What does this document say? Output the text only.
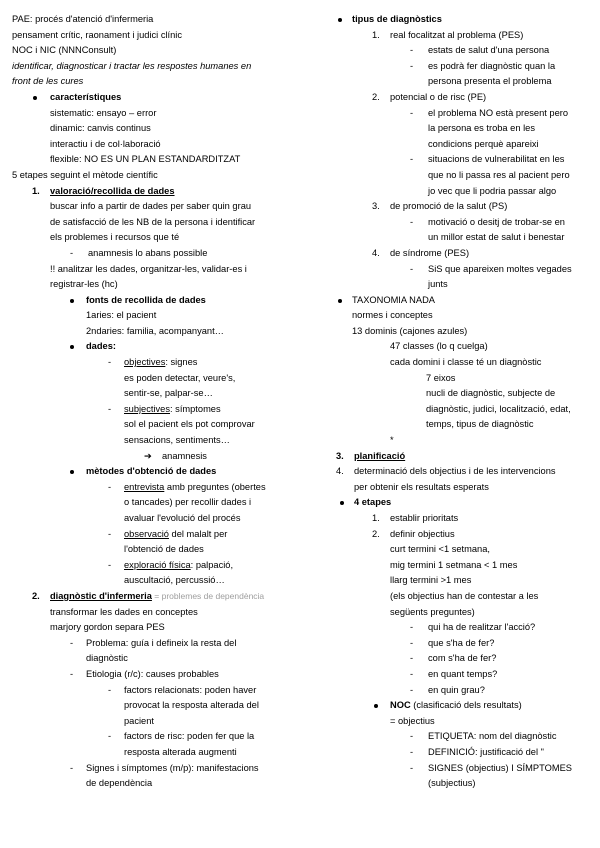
PAE: procés d'atenció d'infermeria
pensament crític, raonament i judici clínic
NOC i NIC (NNNConsult)
identificar, diagnosticar i tractar les respostes humanes en
front de les cures
característiques
sistematic: ensayo – error
dinamic: canvis continus
interactiu i de col·laboració
flexible: NO ES UN PLAN ESTANDARDITZAT
5 etapes seguint el mètode científic
1. valoració/recollida de dades
buscar info a partir de dades per saber quin grau
de satisfacció de les NB de la persona i identificar
els problemes i recursos que té
- anamnesis lo abans possible
!! analitzar les dades, organitzar-les, validar-es i
registrar-les (hc)
fonts de recollida de dades
1aries: el pacient
2ndaries: familia, acompanyant…
dades:
- objectives: signes
es poden detectar, veure's,
sentir-se, palpar-se…
- subjectives: símptomes
sol el pacient els pot comprovar
sensacions, sentiments…
➔ anamnesis
mètodes d'obtenció de dades
- entrevista amb preguntes (obertes
o tancades) per recollir dades i
avaluar l'evolució del procés
- observació del malalt per
l'obtenció de dades
- exploració física: palpació,
auscultació, percussió…
2. diagnòstic d'infermeria = problemes de dependència
transformar les dades en conceptes
marjory gordon separa PES
- Problema: guía i defineix la resta del
diagnòstic
- Etiologia (r/c): causes probables
- factors relacionats: poden haver
provocat la resposta alterada del
pacient
- factors de risc: poden fer que la
resposta alterada augmenti
- Signes i símptomes (m/p): manifestacions
de dependència
tipus de diagnòstics
1. real focalitzat al problema (PES)
- estats de salut d'una persona
- es podrà fer diagnòstic quan la
persona presenta el problema
2. potencial o de risc (PE)
- el problema NO està present pero
la persona es troba en les
condicions perquè apareixi
- situacions de vulnerabilitat en les
que no li passa res al pacient pero
jo vec que li podria passar algo
3. de promoció de la salut (PS)
- motivació o desitj de trobar-se en
un millor estat de salut i benestar
4. de síndrome (PES)
- SiS que apareixen moltes vegades
junts
TAXONOMIA NADA
normes i conceptes
13 dominis (cajones azules)
47 classes (lo q cuelga)
cada domini i classe té un diagnòstic
7 eixos
nucli de diagnòstic, subjecte de
diagnòstic, judici, localització, edat,
temps, tipus de diagnòstic
*
3. planificació
4.	determinació dels objectius i de les intervencions
per obtenir els resultats esperats
4 etapes
1. establir prioritats
2. definir objectius
curt termini <1 setmana,
mig termini 1 setmana < 1 mes
llarg termini >1 mes
(els objectius han de contestar a les
següents preguntes)
- qui ha de realitzar l'acció?
- que s'ha de fer?
- com s'ha de fer?
- en quant temps?
- en quin grau?
NOC (clasificació dels resultats)
= objectius
- ETIQUETA: nom del diagnòstic
- DEFINICIÓ: justificació del "
- SIGNES (objectius) I SÍMPTOMES
(subjectius)
